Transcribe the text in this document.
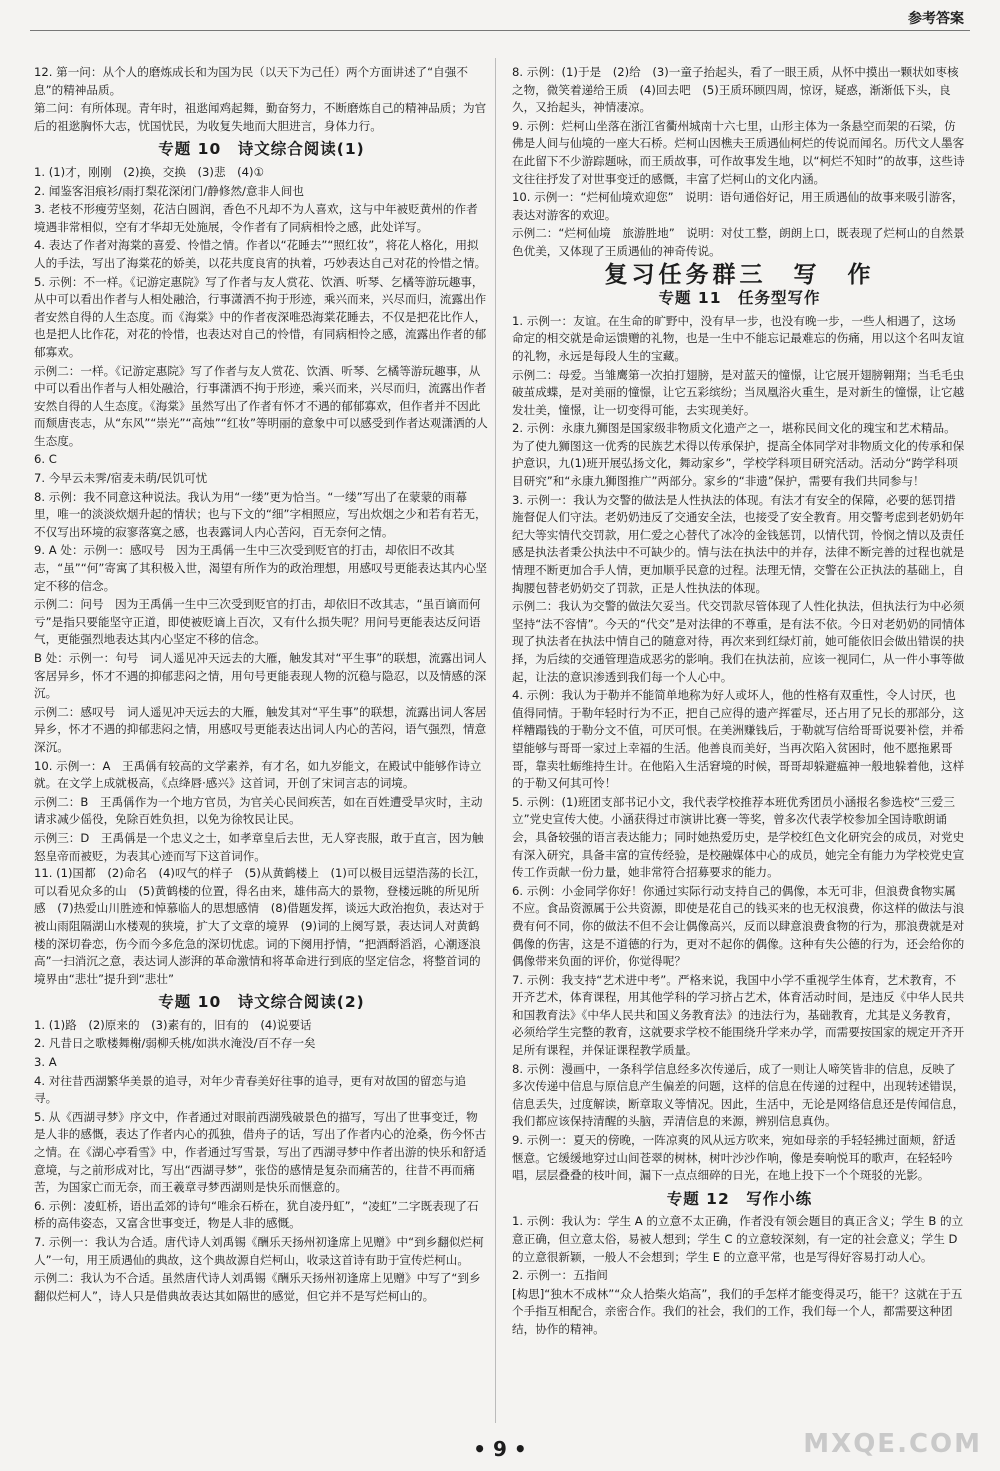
参考答案

12. 第一问：从个人的磨炼成长和为国为民（以天下为己任）两个方面讲述了“自强不息”的精神品质。

第二问：有所体现。青年时，祖逖闻鸡起舞，勤奋努力，不断磨炼自己的精神品质；为官后的祖逖胸怀大志，忧国忧民，为收复失地而大胆进言，身体力行。

专题 10　诗文综合阅读(1)

1. (1)才，刚刚　(2)换，交换　(3)悲　(4)①

2. 闻鉴客泪痕衫/雨打梨花深闭门/静修然/意非人间也

3. 老枝不形瘦劳坚刻，花洁白圆润，香色不凡却不为人喜欢，这与中年被贬黄州的作者境遇非常相似，空有才华却无处施展，令作者有了同病相怜之感，此处详写。

4. 表达了作者对海棠的喜爱、怜惜之情。作者以“花睡去”“照红妆”，将花人格化，用拟人的手法，写出了海棠花的娇美，以花共度良宵的执着，巧妙表达自己对花的怜惜之情。

5. 示例：不一样。《记游定惠院》写了作者与友人赏花、饮酒、听琴、乞橘等游玩趣事，从中可以看出作者与人相处融洽，行事潇洒不拘于形迹，乘兴而来，兴尽而归，流露出作者安然自得的人生态度。而《海棠》中的作者夜深唯恐海棠花睡去，不仅是把花比作人，也是把人比作花，对花的怜惜，也表达对自己的怜惜，有同病相怜之感，流露出作者的郁郁寡欢。

示例二：一样。《记游定惠院》写了作者与友人赏花、饮酒、听琴、乞橘等游玩趣事，从中可以看出作者与人相处融洽，行事潇洒不拘于形迹，乘兴而来，兴尽而归，流露出作者安然自得的人生态度。《海棠》虽然写出了作者有怀才不遇的郁郁寡欢，但作者并不因此而颓唐丧志，从“东风”“崇光”“高烛”“红妆”等明丽的意象中可以感受到作者达观潇洒的人生态度。

6. C

7. 今早云未霁/宿麦未萌/民饥可忧

8. 示例：我不同意这种说法。我认为用“一缕”更为恰当。“一缕”写出了在蒙蒙的雨幕里，唯一的淡淡炊烟升起的情状；也与下文的“细”字相照应，写出炊烟之少和若有若无，不仅写出环境的寂寥落寞之感，也表露词人内心苦闷，百无奈何之情。

9. A 处：示例一：感叹号　因为王禹偁一生中三次受到贬官的打击，却依旧不改其志，“虽”“何”寄寓了其积极入世，渴望有所作为的政治理想，用感叹号更能表达其内心坚定不移的信念。

示例二：问号　因为王禹偁一生中三次受到贬官的打击，却依旧不改其志，“虽百谪而何亏”是指只要能坚守正道，即使被贬谪上百次，又有什么损失呢？用问号更能表达反问语气，更能强烈地表达其内心坚定不移的信念。

B 处：示例一：句号　词人遥见冲天远去的大雁，触发其对“平生事”的联想，流露出词人客居异乡，怀才不遇的抑郁悲闷之情，用句号更能表现人物的沉稳与隐忍，以及情感的深沉。

示例二：感叹号　词人遥见冲天远去的大雁，触发其对“平生事”的联想，流露出词人客居异乡，怀才不遇的抑郁悲闷之情，用感叹号更能表达出词人内心的苦闷，语气强烈，情意深沉。

10. 示例一：A　王禹偁有较高的文学素养，有才名，如九岁能文，在殿试中能够作诗立就。在文学上成就极高，《点绛唇·感兴》这首词，开创了宋词言志的词境。

示例二：B　王禹偁作为一个地方官员，为官关心民间疾苦，如在百姓遭受旱灾时，主动请求减少傜役，免除百姓负担，以免为徐牧民让民。

示例三：D　王禹偁是一个忠义之士，如孝章皇后去世，无人穿丧服，敢于直言，因为触怒皇帝而被贬，为表其心迹而写下这首词作。

11. (1)国都　(2)命名　(4)叹气的样子　(5)从黄鹤楼上　(1)可以极目远望浩荡的长江，可以看见众多的山　(5)黄鹤楼的位置，得名由来，雄伟高大的景物，登楼远眺的所见所感　(7)热爱山川胜迹和悼慕临人的思想感情　(8)借题发挥，谈远大政治抱负，表达对于被山雨阻隔湖山水楼观的狭境，扩大了文章的境界　(9)词的上阕写景，表达词人对黄鹤楼的深切眷恋，伤今而今多危急的深切忧虑。词的下阕用抒情，“把酒酹滔滔，心潮逐浪高”一扫消沉之意，表达词人澎湃的革命激情和将革命进行到底的坚定信念，将整首词的境界由“悲壮”提升到“悲壮”

专题 10　诗文综合阅读(2)

1. (1)路　(2)原来的　(3)素有的，旧有的　(4)说要话

2. 凡昔日之歌楼舞榭/弱柳夭桃/如洪水淹没/百不存一矣

3. A

4. 对往昔西湖繁华美景的追寻，对年少青春美好往事的追寻，更有对故国的留恋与追寻。

5. 从《西湖寻梦》序文中，作者通过对眼前西湖残破景色的描写，写出了世事变迁，物是人非的感慨，表达了作者内心的孤独，借舟子的话，写出了作者内心的沧桑，伤今怀古之情。在《湖心亭看雪》中，作者通过写雪景，写出了西湖寻梦中作者出游的快乐和舒适意境，与之前形成对比，写出“西湖寻梦”，张岱的感情是复杂而痛苦的，往昔不再而痛苦，为国家亡而无奈，而王羲章寻梦西湖则是快乐而惬意的。

6. 示例：凌虹桥，语出孟郊的诗句“唯余石桥在，犹自凌丹虹”，“凌虹”二字既表现了石桥的高伟姿态，又富含世事变迁，物是人非的感慨。

7. 示例一：我认为合适。唐代诗人刘禹锡《酬乐天扬州初逢席上见赠》中“到乡翻似烂柯人”一句，用王质遇仙的典故，这个典故源自烂柯山，收录这首诗有助于宣传烂柯山。

示例二：我认为不合适。虽然唐代诗人刘禹锡《酬乐天扬州初逢席上见赠》中写了“到乡翻似烂柯人”，诗人只是借典故表达其如隔世的感觉，但它并不是写烂柯山的。

8. 示例：(1)于是　(2)给　(3)一童子抬起头，看了一眼王质，从怀中摸出一颗状如枣核之物，微笑着递给王质　(4)回去吧　(5)王质环顾四周，惊讶，疑惑，渐渐低下头，良久，又抬起头，神情凄凉。

9. 示例：烂柯山坐落在浙江省衢州城南十六七里，山形主体为一条悬空而架的石梁，仿佛是人间与仙境的一座大石桥。烂柯山因樵夫王质遇仙柯烂的传说而闻名。历代文人墨客在此留下不少游踪题咏，而王质故事，可作故事发生地，以“柯烂不知时”的故事，这些诗文往往抒发了对世事变迁的感慨，丰富了烂柯山的文化内涵。

10. 示例一：“烂柯仙境欢迎您”　说明：语句通俗好记，用王质遇仙的故事来吸引游客，表达对游客的欢迎。

示例二：“烂柯仙境　旅游胜地”　说明：对仗工整，朗朗上口，既表现了烂柯山的自然景色优美，又体现了王质遇仙的神奇传说。

复习任务群三　写　作
专题 11　任务型写作

1. 示例一：友谊。在生命的旷野中，没有早一步，也没有晚一步，一些人相遇了，这场命定的相交就是命运馈赠的礼物，也是一生中不能忘记最难忘的伤痛，用以这个名叫友谊的礼物，永远是每段人生的宝藏。

示例二：母爱。当雏鹰第一次拍打翅膀，是对蓝天的憧憬，让它展开翅膀翱翔；当毛毛虫破茧成蝶，是对美丽的憧憬，让它五彩缤纷；当凤凰浴火重生，是对新生的憧憬，让它越发壮美，憧憬，让一切变得可能，去实现美好。

2. 示例：永康九狮图是国家级非物质文化遗产之一，堪称民间文化的瑰宝和艺术精品。为了使九狮图这一优秀的民族艺术得以传承保护，提高全体同学对非物质文化的传承和保护意识，九(1)班开展弘扬文化，舞动家乡”，学校学科项目研究活动。活动分“跨学科项目研究”和“永康九狮图推广”两部分。家乡的“非遗”保护，需要有我们共同参与！

3. 示例一：我认为交警的做法是人性执法的体现。有法才有安全的保障，必要的惩罚措施督促人们守法。老奶奶违反了交通安全法，也接受了安全教育。用交警考虑到老奶奶年纪大等实情代交罚款，用仁爱之心替代了冰冷的金钱惩罚，以情代罚，怜悯之情以及责任感是执法者秉公执法中不可缺少的。情与法在执法中的并存，法律不断完善的过程也就是情理不断更加合手人情，更加顺乎民意的过程。法理无情，交警在公正执法的基础上，自掏腰包替老奶奶交了罚款，正是人性执法的体现。

示例二：我认为交警的做法欠妥当。代交罚款尽管体现了人性化执法，但执法行为中必须坚持“法不容情”。今天的“代交”是对法律的不尊重，是有法不依。今日对老奶奶的同情体现了执法者在执法中情自己的随意对待，再次来到红绿灯前，她可能依旧会做出错误的抉择，为后续的交通管理造成恶劣的影响。我们在执法前，应该一视同仁，从一件小事等做起，让法的意识渗透到我们每一个人心中。

4. 示例：我认为于勒并不能简单地称为好人或坏人，他的性格有双重性，令人讨厌，也值得同情。于勒年轻时行为不正，把自己应得的遗产挥霍尽，还占用了兄长的那部分，这样糟蹋钱的于勒分文不值，可厌可恨。在美洲赚钱后，于勒就写信给哥哥说要补偿，并希望能够与哥哥一家过上幸福的生活。他善良而美好，当再次陷入贫困时，他不愿拖累哥哥，靠卖牡蛎维持生计。在他陷入生活窘境的时候，哥哥却躲避瘟神一般地躲着他，这样的于勒又何其可怜！

5. 示例：(1)班团支部书记小文，我代表学校推荐本班优秀团员小涵报名参选校“三爱三立”党史宣传大使。小涵获得过市演讲比赛一等奖，曾多次代表学校参加全国诗歌朗诵会，具备较强的语言表达能力；同时她热爱历史，是学校红色文化研究会的成员，对党史有深入研究，具备丰富的宣传经验，是校融媒体中心的成员，她完全有能力为学校党史宣传工作贡献一份力量，她非常符合招募要求的能力。

6. 示例：小金同学你好！你通过实际行动支持自己的偶像，本无可非，但浪费食物实属不应。食品资源属于公共资源，即使是花自己的钱买来的也无权浪费，你这样的做法与浪费有何不同，你的做法不但不会让偶像高兴，反而以肆意浪费食物的行为，那浪费就是对偶像的伤害，这是不道德的行为，更对不起你的偶像。这种有失公德的行为，还会给你的偶像带来负面的评价，你觉得呢？

7. 示例：我支持“艺术进中考”。严格来说，我国中小学不重视学生体育，艺术教育，不开齐艺术，体育课程，用其他学科的学习挤占艺术，体育活动时间，是违反《中华人民共和国教育法》《中华人民共和国义务教育法》的违法行为，基础教育，尤其是义务教育，必须给学生完整的教育，这就要求学校不能围绕升学来办学，而需要按国家的规定开齐开足所有课程，并保证课程教学质量。

8. 示例：漫画中，一条科学信息经多次传递后，成了一则让人啼笑皆非的信息，反映了多次传递中信息与原信息产生偏差的问题，这样的信息在传递的过程中，出现转述错误，信息丢失，过度解读，断章取义等情况。因此，生活中，无论是网络信息还是传闻信息，我们都应该保持清醒的头脑，弄清信息的来源，辨别信息真伪。

9. 示例一：夏天的傍晚，一阵凉爽的风从远方吹来，宛如母亲的手轻轻拂过面颊，舒适惬意。它缓缓地穿过山间苍翠的树林，树叶沙沙作响，像是奏响悦耳的歌声，在轻轻吟唱，层层叠叠的枝叶间，漏下一点点细碎的日光，在地上投下一个个斑驳的光影。

专题 12　写作小练

1. 示例：我认为：学生 A 的立意不太正确，作者没有领会题目的真正含义；学生 B 的立意正确，但立意太俗，易被人想到；学生 C 的立意较深刻，有一定的社会意义；学生 D 的立意很新颖，一般人不会想到；学生 E 的立意平常，也是写得好容易打动人心。

2. 示例一：五指间

[构思]“独木不成林”“众人拾柴火焰高”，我们的手怎样才能变得灵巧，能干？这就在于五个手指互相配合，亲密合作。我们的社会，我们的工作，我们每一个人，都需要这种团结，协作的精神。

• 9 •	MXQE.COM
